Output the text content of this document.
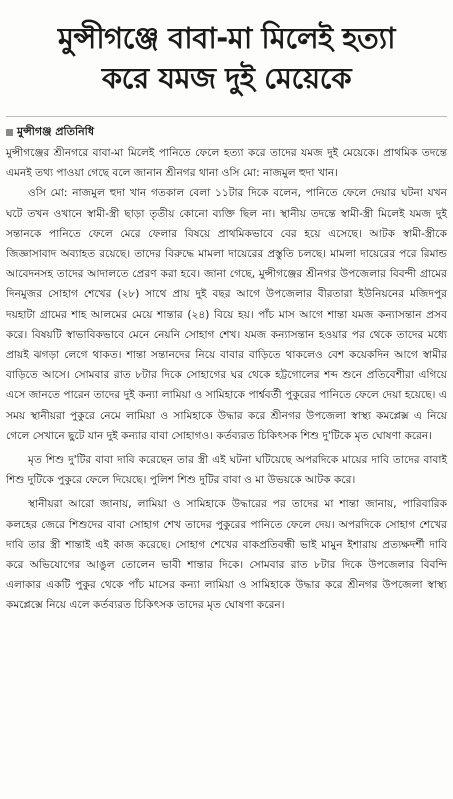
মুন্সীগঞ্জে বাবা-মা মিলেই হত্যা
করে যমজ দুই মেয়েকে
মুন্সীগঞ্জ প্রতিনিধি

মুন্সীগঞ্জের শ্রীনগরে বাবা-মা মিলেই পানিতে ফেলে হত্যা করে তাদের যমজ দুই মেয়েকে। প্রাথমিক তদন্তে এমনই তথ্য পাওয়া গেছে বলে জানান শ্রীনগর থানা ওসি মো: নাজমুল হুদা খান।

ওসি মো: নাজমুল হুদা খান গতকাল বেলা ১১টার দিকে বলেন, পানিতে ফেলে দেয়ার ঘটনা যখন ঘটে তখন ওখানে স্বামী-স্ত্রী ছাড়া তৃতীয় কোনো ব্যক্তি ছিল না। স্থানীয় তদন্তে স্বামী-স্ত্রী মিলেই যমজ দুই সন্তানকে পানিতে ফেলে মেরে ফেলার বিষয়ে প্রাথমিকভাবে বের হয়ে এসেছে। আটক স্বামী-স্ত্রীকে জিজ্ঞাসাবাদ অব্যাহত রয়েছে। তাদের বিরুদ্ধে মামলা দায়েরের প্রস্তুতি চলছে। মামলা দায়েরের পরে রিমান্ড আবেদনসহ তাদের আদালতে প্রেরণ করা হবে। জানা গেছে, মুন্সীগঞ্জের শ্রীনগর উপজেলার বিবন্দী গ্রামের দিনমুজর সোহাগ শেখের (২৮) সাথে প্রায় দুই বছর আগে উপজেলার বীরতারা ইউনিয়নের মজিদপুর দয়হাটা গ্রামের শাহ আলমের মেয়ে শান্তার (২৪) বিয়ে হয়। পাঁচ মাস আগে শান্তা যমজ কন্যাসন্তান প্রসব করে। বিষয়টি স্বাভাবিকভাবে মেনে নেয়নি সোহাগ শেখ। যমজ কন্যাসন্তান হওয়ার পর থেকে তাদের মধ্যে প্রায়ই ঝগড়া লেগে থাকত। শান্তা সন্তানদের নিয়ে বাবার বাড়িতে থাকলেও বেশ কয়েকদিন আগে স্বামীর বাড়িতে আসে। সোমবার রাত ৮টার দিকে সোহাগের ঘর থেকে হট্টগোলের শব্দ শুনে প্রতিবেশীরা এগিয়ে এসে জানতে পারেন তাদের দুই কন্যা লামিয়া ও সামিহাকে পার্শ্ববর্তী পুকুরের পানিতে ফেলে দেয়া হয়েছে। এ সময় স্থানীয়রা পুকুরে নেমে লামিয়া ও সামিহাকে উদ্ধার করে শ্রীনগর উপজেলা স্বাস্থ্য কমপ্লেক্স এ নিয়ে গেলে সেখানে ছুটে যান দুই কন্যার বাবা সোহাগও। কর্তব্যরত চিকিৎসক শিশু দু'টিকে মৃত ঘোষণা করেন।

মৃত শিশু দু'টির বাবা দাবি করেছেন তার স্ত্রী এই ঘটনা ঘটিয়েছে অপরদিকে মায়ের দাবি তাদের বাবাই শিশু দুটিকে পুকুরে ফেলে দিয়েছে। পুলিশ শিশু দুটির বাবা ও মা উভয়কে আটক করে।

স্থানীয়রা আরো জানায়, লামিয়া ও সামিহাকে উদ্ধারের পর তাদের মা শান্তা জানায়, পারিবারিক কলহের জেরে শিশুদের বাবা সোহাগ শেখ তাদের পুকুরের পানিতে ফেলে দেয়। অপরদিকে সোহাগ শেখের দাবি তার স্ত্রী শান্তাই এই কাজ করেছে। সোহাগ শেখের বাকপ্রতিবন্ধী ভাই মামুন ইশারায় প্রত্যক্ষদর্শী দাবি করে অভিযোগের আঙুল তোলেন ভাবী শান্তার দিকে। সোমবার রাত ৮টার দিকে উপজেলার বিবন্দি এলাকার একটি পুকুর থেকে পাঁচ মাসের কন্যা লামিয়া ও সামিহাকে উদ্ধার করে শ্রীনগর উপজেলা স্বাস্থ্য কমপ্লেক্সে নিয়ে এলে কর্তব্যরত চিকিৎসক তাদের মৃত ঘোষণা করেন।
